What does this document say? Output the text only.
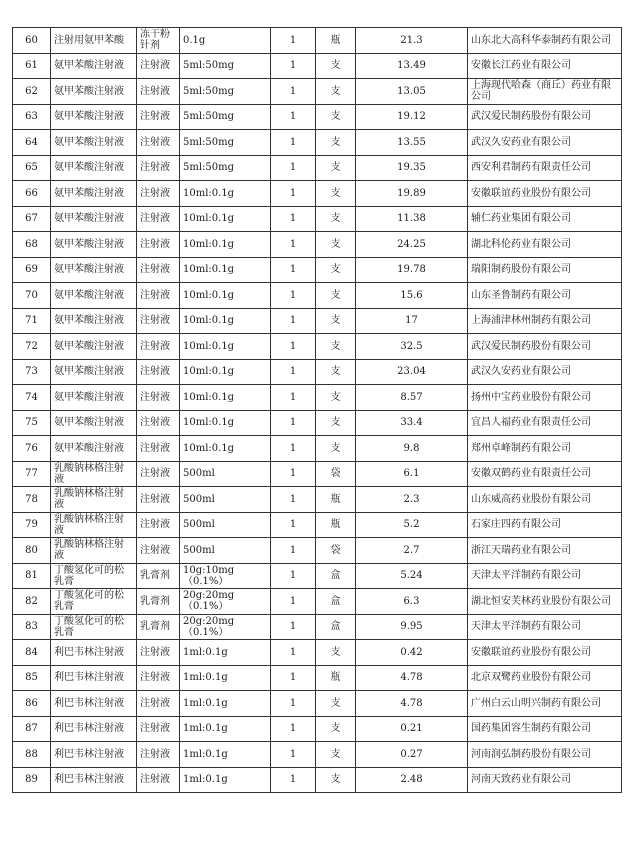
60	注射用氨甲苯酸	冻干粉针剂	0.1g	1	瓶	21.3	山东北大高科华泰制药有限公司
61	氨甲苯酸注射液	注射液	5ml:50mg	1	支	13.49	安徽长江药业有限公司
62	氨甲苯酸注射液	注射液	5ml:50mg	1	支	13.05	上海现代哈森（商丘）药业有限公司
63	氨甲苯酸注射液	注射液	5ml:50mg	1	支	19.12	武汉爱民制药股份有限公司
64	氨甲苯酸注射液	注射液	5ml:50mg	1	支	13.55	武汉久安药业有限公司
65	氨甲苯酸注射液	注射液	5ml:50mg	1	支	19.35	西安利君制药有限责任公司
66	氨甲苯酸注射液	注射液	10ml:0.1g	1	支	19.89	安徽联谊药业股份有限公司
67	氨甲苯酸注射液	注射液	10ml:0.1g	1	支	11.38	辅仁药业集团有限公司
68	氨甲苯酸注射液	注射液	10ml:0.1g	1	支	24.25	湖北科伦药业有限公司
69	氨甲苯酸注射液	注射液	10ml:0.1g	1	支	19.78	瑞阳制药股份有限公司
70	氨甲苯酸注射液	注射液	10ml:0.1g	1	支	15.6	山东圣鲁制药有限公司
71	氨甲苯酸注射液	注射液	10ml:0.1g	1	支	17	上海浦津林州制药有限公司
72	氨甲苯酸注射液	注射液	10ml:0.1g	1	支	32.5	武汉爱民制药股份有限公司
73	氨甲苯酸注射液	注射液	10ml:0.1g	1	支	23.04	武汉久安药业有限公司
74	氨甲苯酸注射液	注射液	10ml:0.1g	1	支	8.57	扬州中宝药业股份有限公司
75	氨甲苯酸注射液	注射液	10ml:0.1g	1	支	33.4	宜昌人福药业有限责任公司
76	氨甲苯酸注射液	注射液	10ml:0.1g	1	支	9.8	郑州卓峰制药有限公司
77	乳酸钠林格注射液	注射液	500ml	1	袋	6.1	安徽双鹤药业有限责任公司
78	乳酸钠林格注射液	注射液	500ml	1	瓶	2.3	山东威高药业股份有限公司
79	乳酸钠林格注射液	注射液	500ml	1	瓶	5.2	石家庄四药有限公司
80	乳酸钠林格注射液	注射液	500ml	1	袋	2.7	浙江天瑞药业有限公司
81	丁酸氢化可的松乳膏	乳膏剂	10g:10mg（0.1%）	1	盒	5.24	天津太平洋制药有限公司
82	丁酸氢化可的松乳膏	乳膏剂	20g:20mg（0.1%）	1	盒	6.3	湖北恒安芙林药业股份有限公司
83	丁酸氢化可的松乳膏	乳膏剂	20g:20mg（0.1%）	1	盒	9.95	天津太平洋制药有限公司
84	利巴韦林注射液	注射液	1ml:0.1g	1	支	0.42	安徽联谊药业股份有限公司
85	利巴韦林注射液	注射液	1ml:0.1g	1	瓶	4.78	北京双鹭药业股份有限公司
86	利巴韦林注射液	注射液	1ml:0.1g	1	支	4.78	广州白云山明兴制药有限公司
87	利巴韦林注射液	注射液	1ml:0.1g	1	支	0.21	国药集团容生制药有限公司
88	利巴韦林注射液	注射液	1ml:0.1g	1	支	0.27	河南润弘制药股份有限公司
89	利巴韦林注射液	注射液	1ml:0.1g	1	支	2.48	河南天致药业有限公司
